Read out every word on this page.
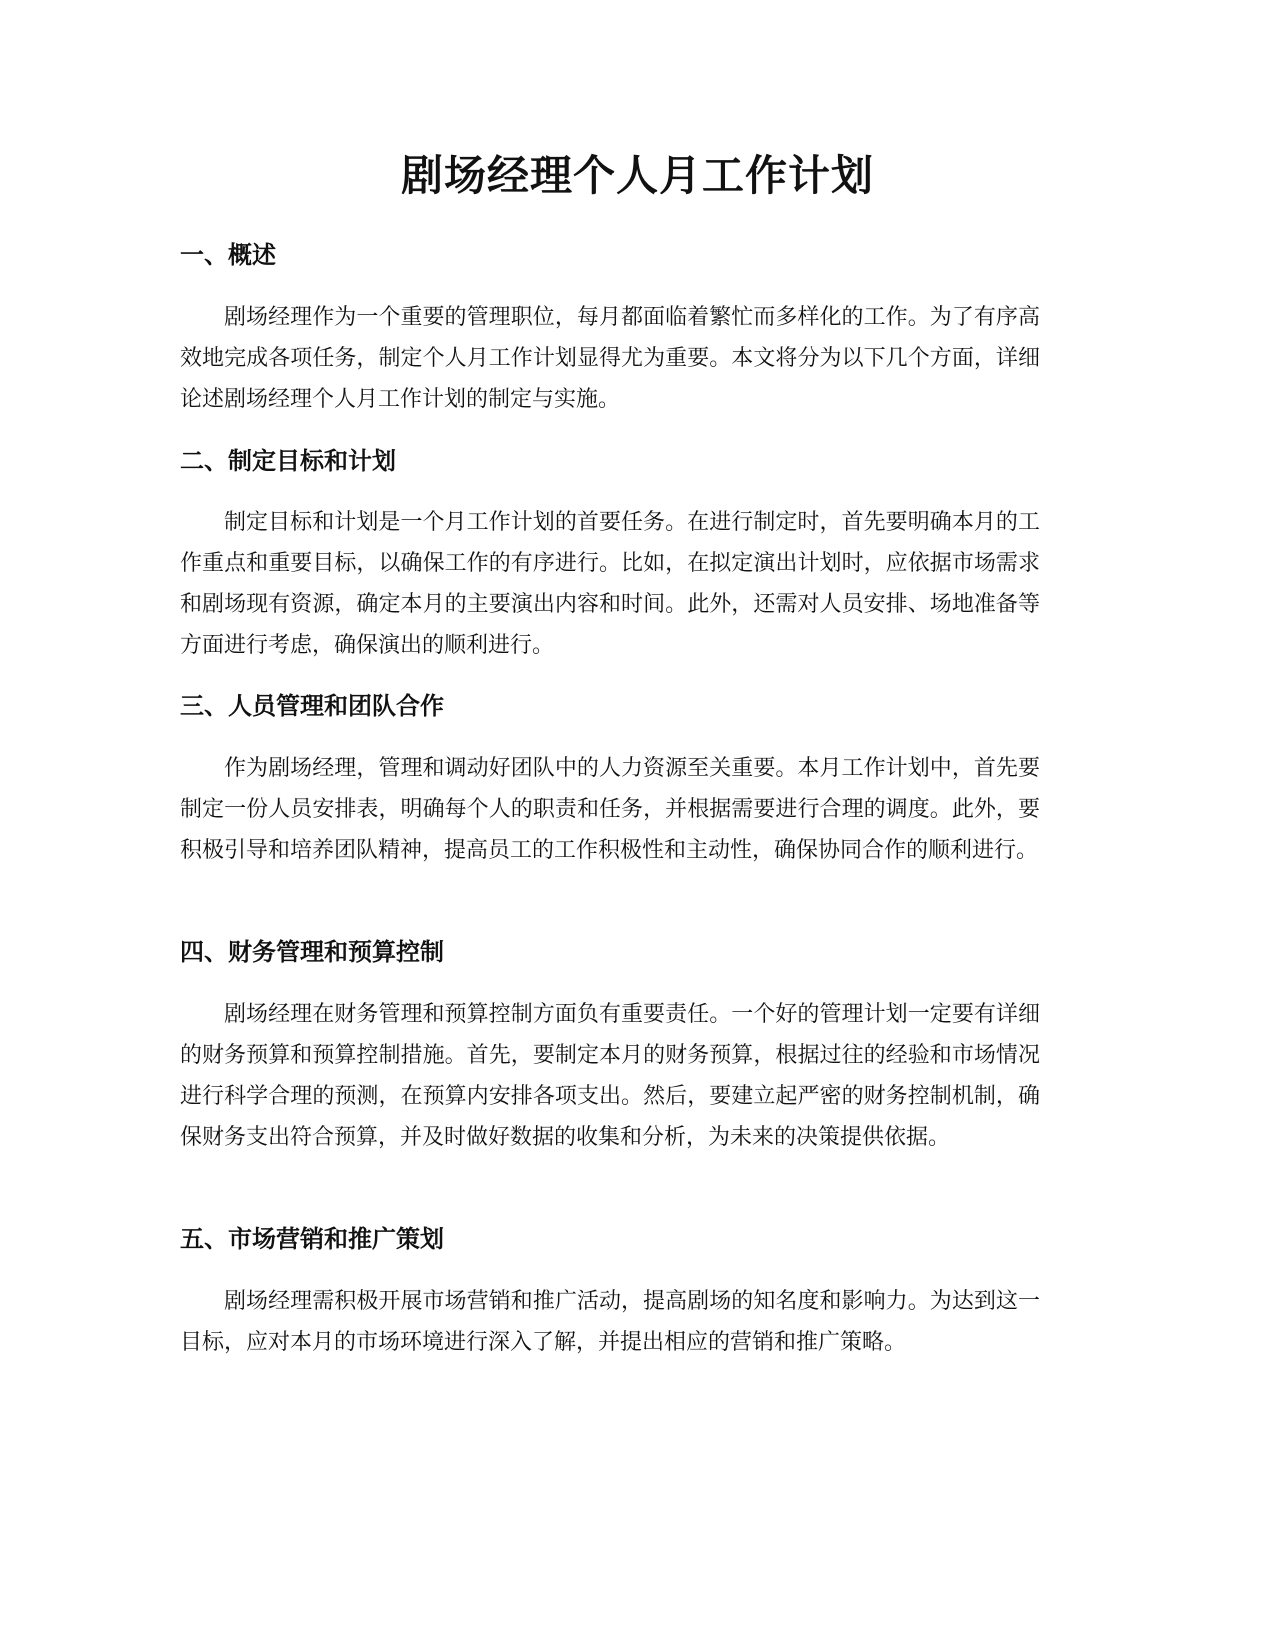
剧场经理个人月工作计划
一、概述

剧场经理作为一个重要的管理职位，每月都面临着繁忙而多样化的工作。为了有序高效地完成各项任务，制定个人月工作计划显得尤为重要。本文将分为以下几个方面，详细论述剧场经理个人月工作计划的制定与实施。

二、制定目标和计划

制定目标和计划是一个月工作计划的首要任务。在进行制定时，首先要明确本月的工作重点和重要目标，以确保工作的有序进行。比如，在拟定演出计划时，应依据市场需求和剧场现有资源，确定本月的主要演出内容和时间。此外，还需对人员安排、场地准备等方面进行考虑，确保演出的顺利进行。

三、人员管理和团队合作

作为剧场经理，管理和调动好团队中的人力资源至关重要。本月工作计划中，首先要制定一份人员安排表，明确每个人的职责和任务，并根据需要进行合理的调度。此外，要积极引导和培养团队精神，提高员工的工作积极性和主动性，确保协同合作的顺利进行。

四、财务管理和预算控制

剧场经理在财务管理和预算控制方面负有重要责任。一个好的管理计划一定要有详细的财务预算和预算控制措施。首先，要制定本月的财务预算，根据过往的经验和市场情况进行科学合理的预测，在预算内安排各项支出。然后，要建立起严密的财务控制机制，确保财务支出符合预算，并及时做好数据的收集和分析，为未来的决策提供依据。

五、市场营销和推广策划

剧场经理需积极开展市场营销和推广活动，提高剧场的知名度和影响力。为达到这一目标，应对本月的市场环境进行深入了解，并提出相应的营销和推广策略。
